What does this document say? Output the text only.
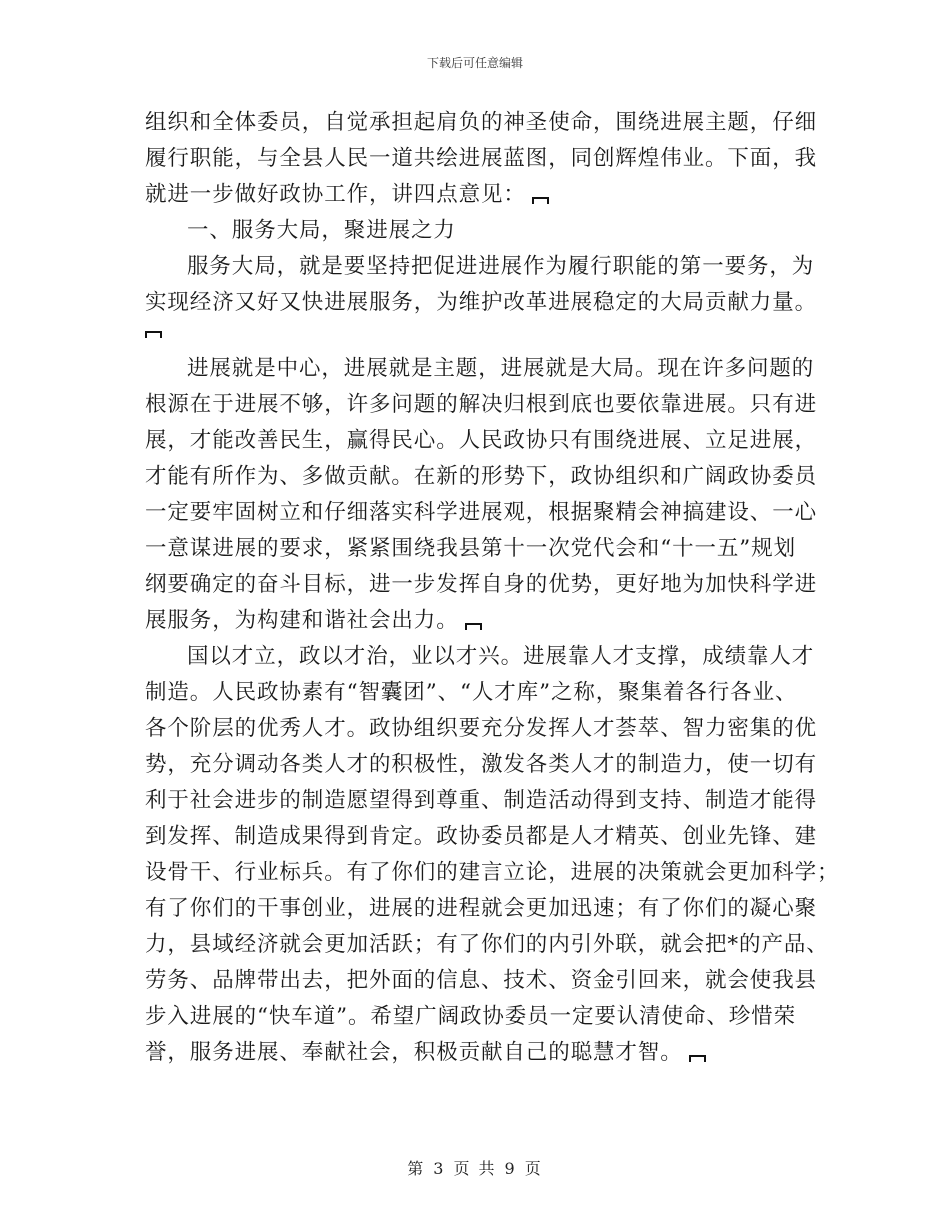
下载后可任意编辑
组织和全体委员，自觉承担起肩负的神圣使命，围绕进展主题，仔细
履行职能，与全县人民一道共绘进展蓝图，同创辉煌伟业。下面，我
就进一步做好政协工作，讲四点意见：
一、服务大局，聚进展之力
服务大局，就是要坚持把促进进展作为履行职能的第一要务，为
实现经济又好又快进展服务，为维护改革进展稳定的大局贡献力量。
进展就是中心，进展就是主题，进展就是大局。现在许多问题的
根源在于进展不够，许多问题的解决归根到底也要依靠进展。只有进
展，才能改善民生，赢得民心。人民政协只有围绕进展、立足进展，
才能有所作为、多做贡献。在新的形势下，政协组织和广阔政协委员
一定要牢固树立和仔细落实科学进展观，根据聚精会神搞建设、一心
一意谋进展的要求，紧紧围绕我县第十一次党代会和“十一五”规划
纲要确定的奋斗目标，进一步发挥自身的优势，更好地为加快科学进
展服务，为构建和谐社会出力。
国以才立，政以才治，业以才兴。进展靠人才支撑，成绩靠人才
制造。人民政协素有“智囊团”、“人才库”之称，聚集着各行各业、
各个阶层的优秀人才。政协组织要充分发挥人才荟萃、智力密集的优
势，充分调动各类人才的积极性，激发各类人才的制造力，使一切有
利于社会进步的制造愿望得到尊重、制造活动得到支持、制造才能得
到发挥、制造成果得到肯定。政协委员都是人才精英、创业先锋、建
设骨干、行业标兵。有了你们的建言立论，进展的决策就会更加科学；
有了你们的干事创业，进展的进程就会更加迅速；有了你们的凝心聚
力，县域经济就会更加活跃；有了你们的内引外联，就会把*的产品、
劳务、品牌带出去，把外面的信息、技术、资金引回来，就会使我县
步入进展的“快车道”。希望广阔政协委员一定要认清使命、珍惜荣
誉，服务进展、奉献社会，积极贡献自己的聪慧才智。
第 3 页 共 9 页
